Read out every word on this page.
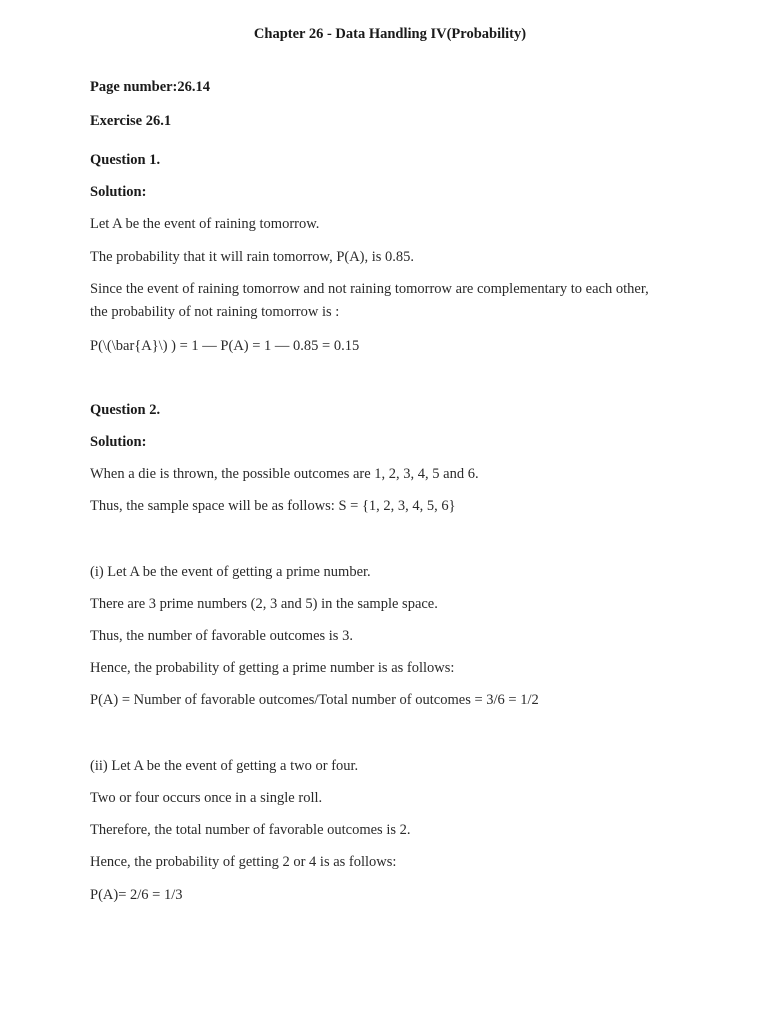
Chapter 26 - Data Handling IV(Probability)
Page number:26.14
Exercise 26.1
Question 1.
Solution:
Let A be the event of raining tomorrow.
The probability that it will rain tomorrow, P(A), is 0.85.
Since the event of raining tomorrow and not raining tomorrow are complementary to each other,
the probability of not raining tomorrow is :
P(\(\bar{A}\) ) = 1 — P(A) = 1 — 0.85 = 0.15
Question 2.
Solution:
When a die is thrown, the possible outcomes are 1, 2, 3, 4, 5 and 6.
Thus, the sample space will be as follows: S = {1, 2, 3, 4, 5, 6}
(i) Let A be the event of getting a prime number.
There are 3 prime numbers (2, 3 and 5) in the sample space.
Thus, the number of favorable outcomes is 3.
Hence, the probability of getting a prime number is as follows:
P(A) = Number of favorable outcomes/Total number of outcomes = 3/6 = 1/2
(ii) Let A be the event of getting a two or four.
Two or four occurs once in a single roll.
Therefore, the total number of favorable outcomes is 2.
Hence, the probability of getting 2 or 4 is as follows:
P(A)= 2/6 = 1/3
